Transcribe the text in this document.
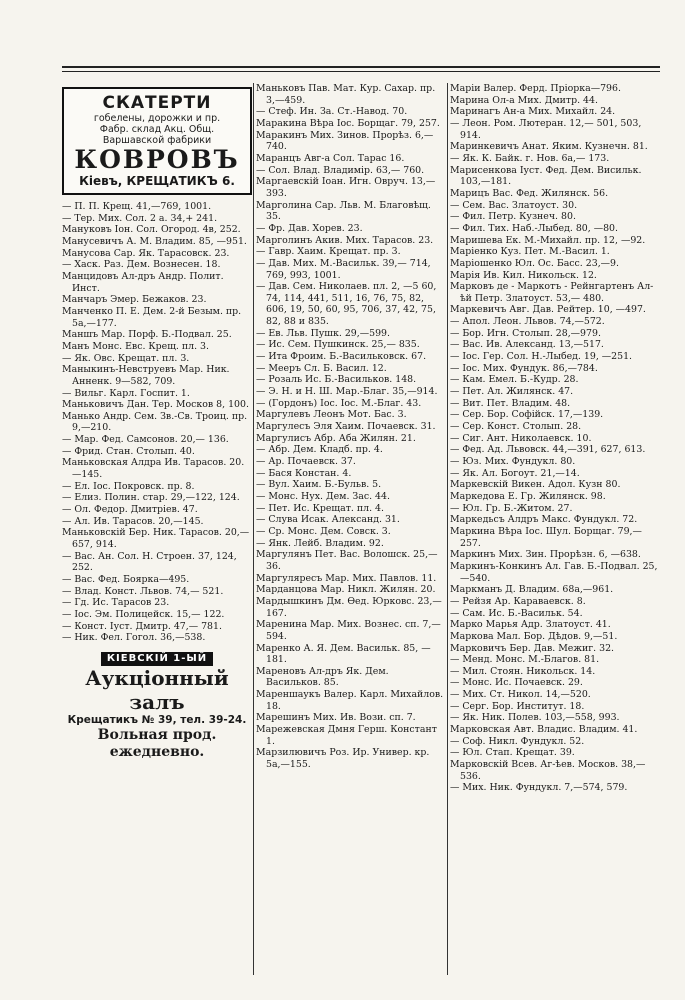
СКАТЕРТИ
гобелены, дорожки и пр.
Фабр. склад Акц. Общ. Варшавской фабрики
КОВРОВЪ
Кіевъ, КРЕЩАТИКЪ 6.

— П. П. Крещ. 41,—769, 1001.

— Тер. Мих. Сол. 2 а. 34,+ 241.

Мануковъ Іон. Сол. Огород. 4в, 252.

Манусевичъ А. М. Владим. 85, —951.

Манусова Сар. Як. Тарасовск. 23.

— Хаск. Раз. Дем. Вознесен. 18.

Манцидовъ Ал-дръ Андр. Полит. Инст.

Манчаръ Эмер. Бежаков. 23.

Манченко П. Е. Дем. 2-й Безым. пр. 5а,—177.

Маншъ Мар. Порф. Б.-Подвал. 25.

Манъ Монс. Евс. Крещ. пл. 3.

— Як. Овс. Крещат. пл. 3.

Маныкинъ-Невструевъ Мар. Ник. Анненк. 9—582, 709.

— Вильг. Карл. Госпит. 1.

Маньковичъ Дан. Тер. Москов 8, 100.

Манько Андр. Сем. Зв.-Св. Троиц. пр. 9,—210.

— Мар. Фед. Самсонов. 20,— 136.

— Фрид. Стан. Столып. 40.

Маньковская Алдра Ив. Тарасов. 20.—145.

— Ел. Іос. Покровск. пр. 8.

— Елиз. Полин. стар. 29,—122, 124.

— Ол. Федор. Дмитріев. 47.

— Ал. Ив. Тарасов. 20,—145.

Маньковскій Бер. Ник. Тарасов. 20,—657, 914.

— Вас. Ан. Сол. Н. Строен. 37, 124, 252.

— Вас. Фед. Боярка—495.

— Влад. Конст. Львов. 74,— 521.

— Гд. Ис. Тарасов 23.

— Іос. Эм. Полицейск. 15,— 122.

— Конст. Іуст. Дмитр. 47,— 781.

— Ник. Фел. Гогол. 36,—538.

КІЕВСКІЙ 1-ЫЙ
Аукціонный залъ
Крещатикъ № 39, тел. 39-24.
Вольная прод. ежедневно.

Маньковъ Пав. Мат. Кур. Сахар. пр. 3,—459.

— Стеф. Ин. За. Ст.-Навод. 70.

Маракина Вѣра Іос. Борщаг. 79, 257.

Маракинъ Мих. Зинов. Прорѣз. 6,—740.

Маранцъ Авг-а Сол. Тарас 16.

— Сол. Влад. Владимір. 63,— 760.

Маргаевскій Іоан. Игн. Овруч. 13,—393.

Марголина Сар. Льв. М. Благовѣщ. 35.

— Фр. Дав. Хорев. 23.

Марголинъ Акив. Мих. Тарасов. 23.

— Гавр. Хаим. Крещат. пр. 3.

— Дав. Мих. М.-Васильк. 39,— 714, 769, 993, 1001.

— Дав. Сем. Николаев. пл. 2, —5 60, 74, 114, 441, 511, 16, 76, 75, 82, 606, 19, 50, 60, 95, 706, 37, 42, 75, 82, 88 и 835.

— Ев. Льв. Пушк. 29,—599.

— Ис. Сем. Пушкинск. 25,— 835.

— Ита Фроим. Б.-Васильковск. 67.

— Мееръ Сл. Б. Васил. 12.

— Розаль Ис. Б.-Васильков. 148.

— Э. Н. и Н. Ш. Мар.-Благ. 35,—914.

— (Гордонъ) Іос. Іос. М.-Благ. 43.

Маргулевъ Леонъ Мот. Бас. 3.

Маргулесъ Эля Хаим. Почаевск. 31.

Маргулисъ Абр. Аба Жилян. 21.

— Абр. Дем. Кладб. пр. 4.

— Ар. Почаевск. 37.

— Бася Констан. 4.

— Вул. Хаим. Б.-Бульв. 5.

— Монс. Нух. Дем. Зас. 44.

— Пет. Ис. Крещат. пл. 4.

— Слува Исак. Александ. 31.

— Ср. Монс. Дем. Совск. 3.

— Янк. Лейб. Владим. 92.

Маргулянъ Пет. Вас. Волошск. 25,—36.

Маргуляресъ Мар. Мих. Павлов. 11.

Марданцова Мар. Никл. Жилян. 20.

Мардышкинъ Дм. Ѳед. Юрковс. 23,—167.

Маренина Мар. Мих. Вознес. сп. 7,—594.

Маренко А. Я. Дем. Васильк. 85, —181.

Мареновъ Ал-дръ Як. Дем. Васильков. 85.

Мареншаукъ Валер. Карл. Михайлов. 18.

Марешинъ Мих. Ив. Вози. сп. 7.

Марежевская Дмня Герш. Констант 1.

Марзилювичъ Роз. Ир. Универ. кр. 5а,—155.

Маріи Валер. Ферд. Пріорка—796.

Марина Ол-а Мих. Дмитр. 44.

Маринагъ Ан-а Мих. Михайл. 24.

— Леон. Ром. Лютеран. 12,— 501, 503, 914.

Маринкевичъ Анат. Яким. Кузнечн. 81.

— Як. К. Байк. г. Нов. 6а,— 173.

Марисенкова Іуст. Фед. Дем. Висильк. 103,—181.

Марицъ Вас. Фед. Жилянск. 56.

— Сем. Вас. Златоуст. 30.

— Фил. Петр. Кузнеч. 80.

— Фил. Тих. Наб.-Лыбед. 80, —80.

Маришева Ек. М.-Михайл. пр. 12, —92.

Маріенко Куз. Пет. М.-Васил. 1.

Маріошенко Юл. Ос. Басс. 23,—9.

Марія Ив. Кил. Никольск. 12.

Марковъ де - Маркотъ - Рейнгартенъ Ал-ѣй Петр. Златоуст. 53,— 480.

Маркевичъ Авг. Дав. Рейтер. 10, —497.

— Апол. Леон. Львов. 74,—572.

— Бор. Игн. Столып. 28,—979.

— Вас. Ив. Александ. 13,—517.

— Іос. Гер. Сол. Н.-Лыбед. 19, —251.

— Іос. Мих. Фундук. 86,—784.

— Кам. Емел. Б.-Кудр. 28.

— Пет. Ал. Жилянск. 47.

— Вит. Пет. Владим. 48.

— Сер. Бор. Софійск. 17,—139.

— Сер. Конст. Столып. 28.

— Сиг. Ант. Николаевск. 10.

— Фед. Ад. Львовск. 44,—391, 627, 613.

— Юз. Мих. Фундукл. 80.

— Як. Ал. Богоут. 21,—14.

Маркевскій Викен. Адол. Кузн 80.

Маркедова Е. Гр. Жилянск. 98.

— Юл. Гр. Б.-Житом. 27.

Маркедьсъ Алдръ Макс. Фундукл. 72.

Маркина Вѣра Іос. Шул. Борщаг. 79,—257.

Маркинъ Мих. Зин. Прорѣзн. 6, —638.

Маркинъ-Конкинъ Ал. Гав. Б.-Подвал. 25,—540.

Маркманъ Д. Владим. 68а,—961.

— Рейзя Ар. Караваевск. 8.

— Сам. Ис. Б.-Васильк. 54.

Марко Марья Адр. Златоуст. 41.

Маркова Мал. Бор. Дѣдов. 9,—51.

Марковичъ Бер. Дав. Межиг. 32.

— Менд. Монс. М.-Благов. 81.

— Мил. Стоян. Никольск. 14.

— Монс. Ис. Почаевск. 29.

— Мих. Ст. Никол. 14,—520.

— Серг. Бор. Институт. 18.

— Як. Ник. Полев. 103,—558, 993.

Марковская Авт. Владис. Владим. 41.

— Соф. Никл. Фундукл. 52.

— Юл. Стап. Крещат. 39.

Марковскій Всев. Аг-ѣев. Москов. 38,—536.

— Мих. Ник. Фундукл. 7,—574, 579.
